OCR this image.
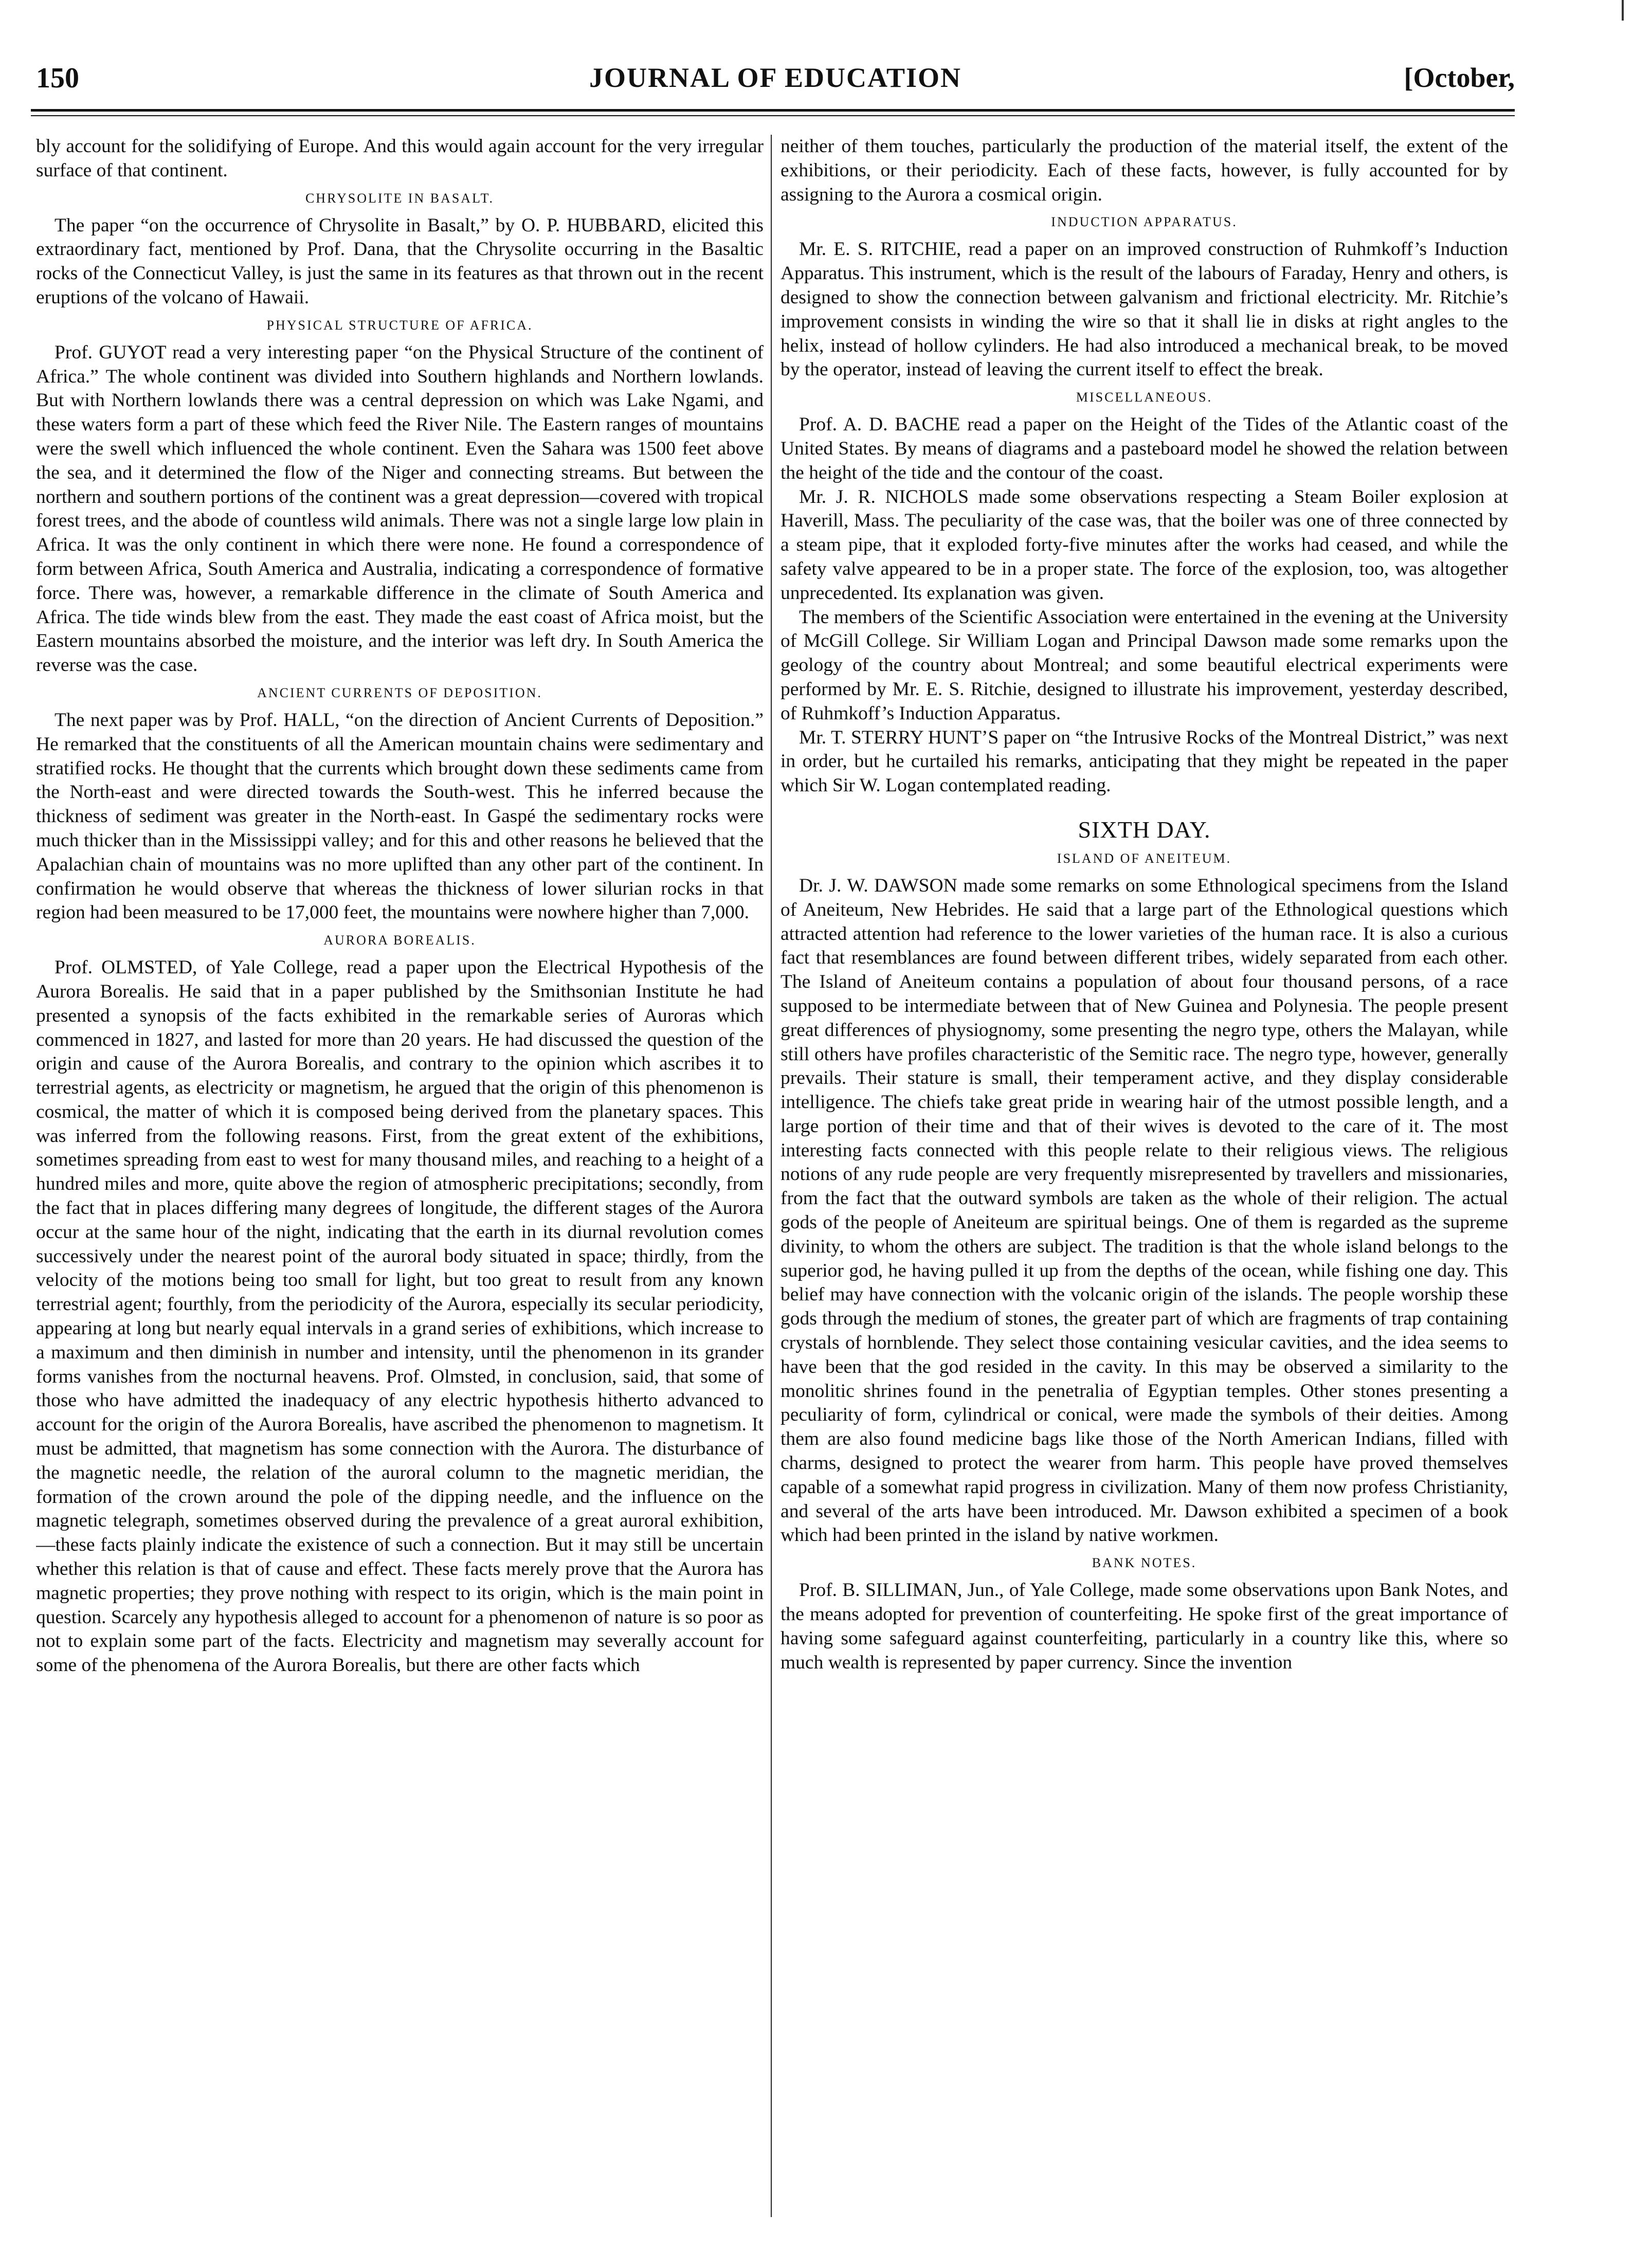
150	JOURNAL OF EDUCATION	[October,

bly account for the solidifying of Europe. And this would again account for the very irregular surface of that continent.

CHRYSOLITE IN BASALT.

The paper “on the occurrence of Chrysolite in Basalt,” by O. P. HUBBARD, elicited this extraordinary fact, mentioned by Prof. Dana, that the Chrysolite occurring in the Basaltic rocks of the Connecticut Valley, is just the same in its features as that thrown out in the recent eruptions of the volcano of Hawaii.

PHYSICAL STRUCTURE OF AFRICA.

Prof. GUYOT read a very interesting paper “on the Physical Structure of the continent of Africa.” The whole continent was divided into Southern highlands and Northern lowlands. But with Northern lowlands there was a central depression on which was Lake Ngami, and these waters form a part of these which feed the River Nile. The Eastern ranges of mountains were the swell which influenced the whole continent. Even the Sahara was 1500 feet above the sea, and it determined the flow of the Niger and connecting streams. But between the northern and southern portions of the continent was a great depression—covered with tropical forest trees, and the abode of countless wild animals. There was not a single large low plain in Africa. It was the only continent in which there were none. He found a correspondence of form between Africa, South America and Australia, indicating a correspondence of formative force. There was, however, a remarkable difference in the climate of South America and Africa. The tide winds blew from the east. They made the east coast of Africa moist, but the Eastern mountains absorbed the moisture, and the interior was left dry. In South America the reverse was the case.

ANCIENT CURRENTS OF DEPOSITION.

The next paper was by Prof. HALL, “on the direction of Ancient Currents of Deposition.” He remarked that the constituents of all the American mountain chains were sedimentary and stratified rocks. He thought that the currents which brought down these sediments came from the North-east and were directed towards the South-west. This he inferred because the thickness of sediment was greater in the North-east. In Gaspé the sedimentary rocks were much thicker than in the Mississippi valley; and for this and other reasons he believed that the Apalachian chain of mountains was no more uplifted than any other part of the continent. In confirmation he would observe that whereas the thickness of lower silurian rocks in that region had been measured to be 17,000 feet, the mountains were nowhere higher than 7,000.

AURORA BOREALIS.

Prof. OLMSTED, of Yale College, read a paper upon the Electrical Hypothesis of the Aurora Borealis. He said that in a paper published by the Smithsonian Institute he had presented a synopsis of the facts exhibited in the remarkable series of Auroras which commenced in 1827, and lasted for more than 20 years. He had discussed the question of the origin and cause of the Aurora Borealis, and contrary to the opinion which ascribes it to terrestrial agents, as electricity or magnetism, he argued that the origin of this phenomenon is cosmical, the matter of which it is composed being derived from the planetary spaces. This was inferred from the following reasons. First, from the great extent of the exhibitions, sometimes spreading from east to west for many thousand miles, and reaching to a height of a hundred miles and more, quite above the region of atmospheric precipitations; secondly, from the fact that in places differing many degrees of longitude, the different stages of the Aurora occur at the same hour of the night, indicating that the earth in its diurnal revolution comes successively under the nearest point of the auroral body situated in space; thirdly, from the velocity of the motions being too small for light, but too great to result from any known terrestrial agent; fourthly, from the periodicity of the Aurora, especially its secular periodicity, appearing at long but nearly equal intervals in a grand series of exhibitions, which increase to a maximum and then diminish in number and intensity, until the phenomenon in its grander forms vanishes from the nocturnal heavens. Prof. Olmsted, in conclusion, said, that some of those who have admitted the inadequacy of any electric hypothesis hitherto advanced to account for the origin of the Aurora Borealis, have ascribed the phenomenon to magnetism. It must be admitted, that magnetism has some connection with the Aurora. The disturbance of the magnetic needle, the relation of the auroral column to the magnetic meridian, the formation of the crown around the pole of the dipping needle, and the influence on the magnetic telegraph, sometimes observed during the prevalence of a great auroral exhibition,—these facts plainly indicate the existence of such a connection. But it may still be uncertain whether this relation is that of cause and effect. These facts merely prove that the Aurora has magnetic properties; they prove nothing with respect to its origin, which is the main point in question. Scarcely any hypothesis alleged to account for a phenomenon of nature is so poor as not to explain some part of the facts. Electricity and magnetism may severally account for some of the phenomena of the Aurora Borealis, but there are other facts which

neither of them touches, particularly the production of the material itself, the extent of the exhibitions, or their periodicity. Each of these facts, however, is fully accounted for by assigning to the Aurora a cosmical origin.

INDUCTION APPARATUS.

Mr. E. S. RITCHIE, read a paper on an improved construction of Ruhmkoff’s Induction Apparatus. This instrument, which is the result of the labours of Faraday, Henry and others, is designed to show the connection between galvanism and frictional electricity. Mr. Ritchie’s improvement consists in winding the wire so that it shall lie in disks at right angles to the helix, instead of hollow cylinders. He had also introduced a mechanical break, to be moved by the operator, instead of leaving the current itself to effect the break.

MISCELLANEOUS.

Prof. A. D. BACHE read a paper on the Height of the Tides of the Atlantic coast of the United States. By means of diagrams and a pasteboard model he showed the relation between the height of the tide and the contour of the coast.

Mr. J. R. NICHOLS made some observations respecting a Steam Boiler explosion at Haverill, Mass. The peculiarity of the case was, that the boiler was one of three connected by a steam pipe, that it exploded forty-five minutes after the works had ceased, and while the safety valve appeared to be in a proper state. The force of the explosion, too, was altogether unprecedented. Its explanation was given.

The members of the Scientific Association were entertained in the evening at the University of McGill College. Sir William Logan and Principal Dawson made some remarks upon the geology of the country about Montreal; and some beautiful electrical experiments were performed by Mr. E. S. Ritchie, designed to illustrate his improvement, yesterday described, of Ruhmkoff’s Induction Apparatus.

Mr. T. STERRY HUNT’S paper on “the Intrusive Rocks of the Montreal District,” was next in order, but he curtailed his remarks, anticipating that they might be repeated in the paper which Sir W. Logan contemplated reading.

SIXTH DAY.
ISLAND OF ANEITEUM.

Dr. J. W. DAWSON made some remarks on some Ethnological specimens from the Island of Aneiteum, New Hebrides. He said that a large part of the Ethnological questions which attracted attention had reference to the lower varieties of the human race. It is also a curious fact that resemblances are found between different tribes, widely separated from each other. The Island of Aneiteum contains a population of about four thousand persons, of a race supposed to be intermediate between that of New Guinea and Polynesia. The people present great differences of physiognomy, some presenting the negro type, others the Malayan, while still others have profiles characteristic of the Semitic race. The negro type, however, generally prevails. Their stature is small, their temperament active, and they display considerable intelligence. The chiefs take great pride in wearing hair of the utmost possible length, and a large portion of their time and that of their wives is devoted to the care of it. The most interesting facts connected with this people relate to their religious views. The religious notions of any rude people are very frequently misrepresented by travellers and missionaries, from the fact that the outward symbols are taken as the whole of their religion. The actual gods of the people of Aneiteum are spiritual beings. One of them is regarded as the supreme divinity, to whom the others are subject. The tradition is that the whole island belongs to the superior god, he having pulled it up from the depths of the ocean, while fishing one day. This belief may have connection with the volcanic origin of the islands. The people worship these gods through the medium of stones, the greater part of which are fragments of trap containing crystals of hornblende. They select those containing vesicular cavities, and the idea seems to have been that the god resided in the cavity. In this may be observed a similarity to the monolitic shrines found in the penetralia of Egyptian temples. Other stones presenting a peculiarity of form, cylindrical or conical, were made the symbols of their deities. Among them are also found medicine bags like those of the North American Indians, filled with charms, designed to protect the wearer from harm. This people have proved themselves capable of a somewhat rapid progress in civilization. Many of them now profess Christianity, and several of the arts have been introduced. Mr. Dawson exhibited a specimen of a book which had been printed in the island by native workmen.

BANK NOTES.

Prof. B. SILLIMAN, Jun., of Yale College, made some observations upon Bank Notes, and the means adopted for prevention of counterfeiting. He spoke first of the great importance of having some safeguard against counterfeiting, particularly in a country like this, where so much wealth is represented by paper currency. Since the invention
